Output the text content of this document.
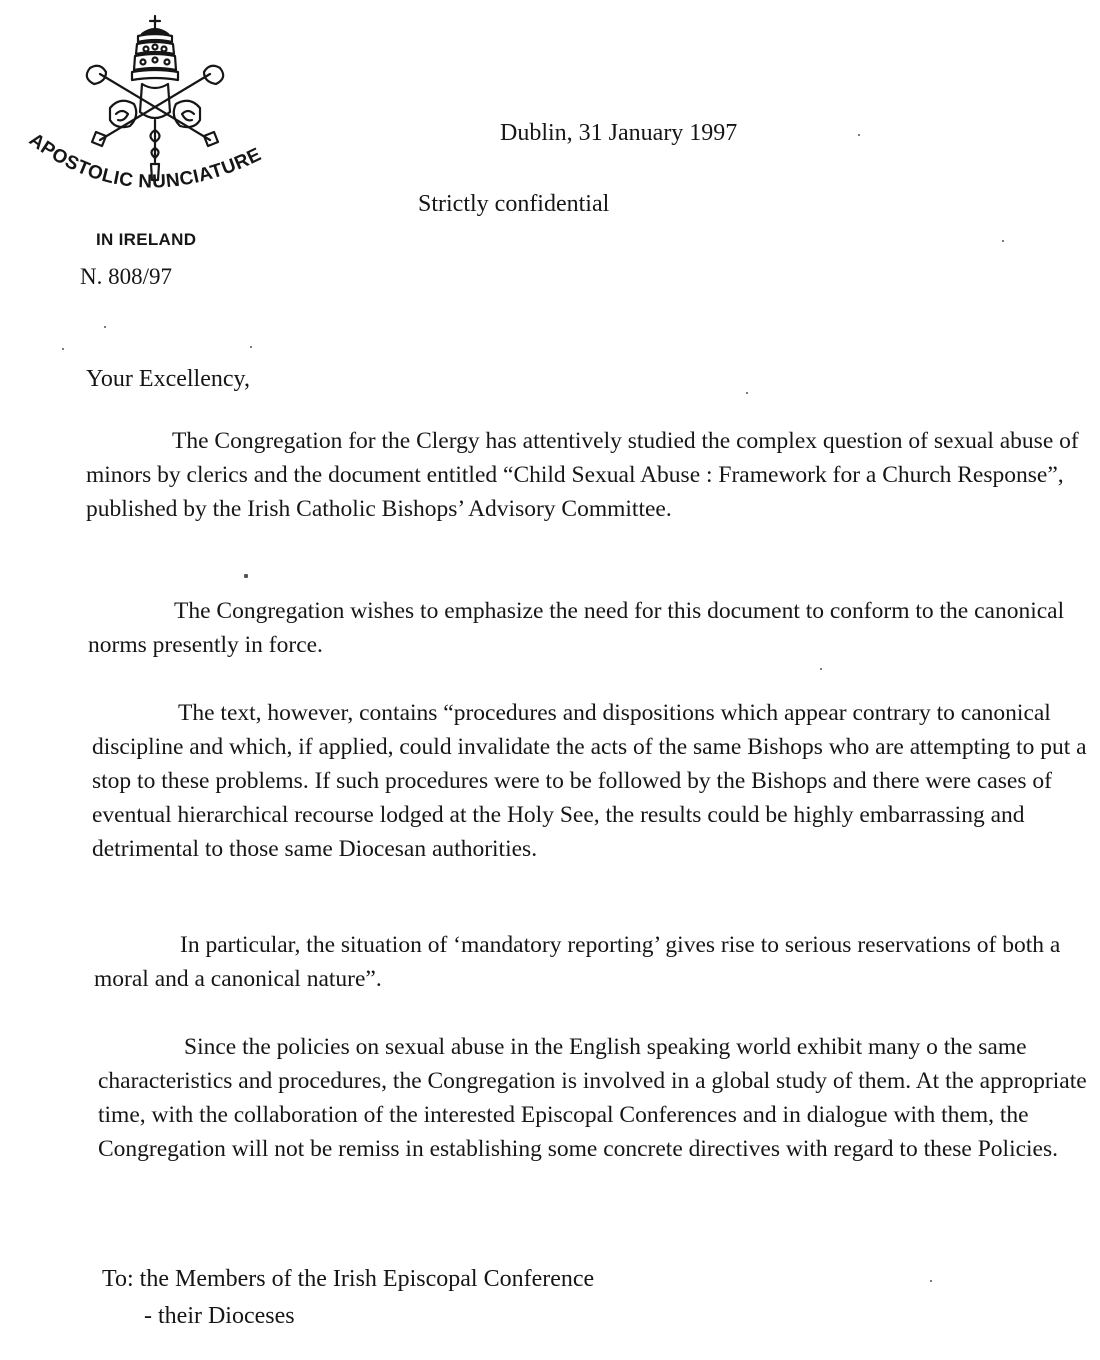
APOSTOLIC NUNCIATURE
IN IRELAND
N. 808/97
Dublin, 31 January 1997
Strictly confidential
Your Excellency,

The Congregation for the Clergy has attentively studied the complex question of sexual abuse of minors by clerics and the document entitled “Child Sexual Abuse : Framework for a Church Response”, published by the Irish Catholic Bishops’ Advisory Committee.

The Congregation wishes to emphasize the need for this document to conform to the canonical norms presently in force.

The text, however, contains “procedures and dispositions which appear contrary to canonical discipline and which, if applied, could invalidate the acts of the same Bishops who are attempting to put a stop to these problems. If such procedures were to be followed by the Bishops and there were cases of eventual hierarchical recourse lodged at the Holy See, the results could be highly embarrassing and detrimental to those same Diocesan authorities.

In particular, the situation of ‘mandatory reporting’ gives rise to serious reservations of both a moral and a canonical nature”.

Since the policies on sexual abuse in the English speaking world exhibit many o the same characteristics and procedures, the Congregation is involved in a global study of them. At the appropriate time, with the collaboration of the interested Episcopal Conferences and in dialogue with them, the Congregation will not be remiss in establishing some concrete directives with regard to these Policies.

To: the Members of the Irish Episcopal Conference
- their Dioceses
